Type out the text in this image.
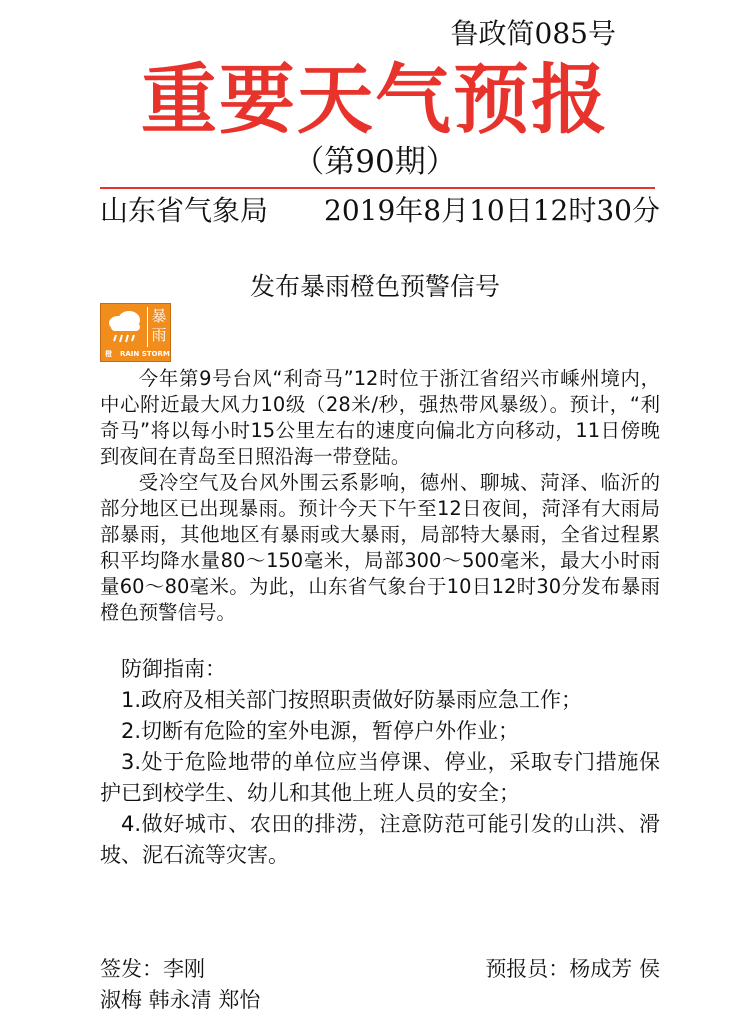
鲁政简085号
重要天气预报
（第90期）
山东省气象局 2019年8月10日12时30分
发布暴雨橙色预警信号
暴
雨
橙 RAIN STORM

今年第9号台风“利奇马”12时位于浙江省绍兴市嵊州境内，中心附近最大风力10级（28米/秒，强热带风暴级）。预计，“利奇马”将以每小时15公里左右的速度向偏北方向移动，11日傍晚到夜间在青岛至日照沿海一带登陆。

受冷空气及台风外围云系影响，德州、聊城、菏泽、临沂的部分地区已出现暴雨。预计今天下午至12日夜间，菏泽有大雨局部暴雨，其他地区有暴雨或大暴雨，局部特大暴雨，全省过程累积平均降水量80～150毫米，局部300～500毫米，最大小时雨量60～80毫米。为此，山东省气象台于10日12时30分发布暴雨橙色预警信号。

防御指南：

1.政府及相关部门按照职责做好防暴雨应急工作；

2.切断有危险的室外电源，暂停户外作业；

3.处于危险地带的单位应当停课、停业，采取专门措施保护已到校学生、幼儿和其他上班人员的安全；

4.做好城市、农田的排涝，注意防范可能引发的山洪、滑坡、泥石流等灾害。

签发：李刚	预报员：杨成芳 侯
淑梅 韩永清 郑怡
